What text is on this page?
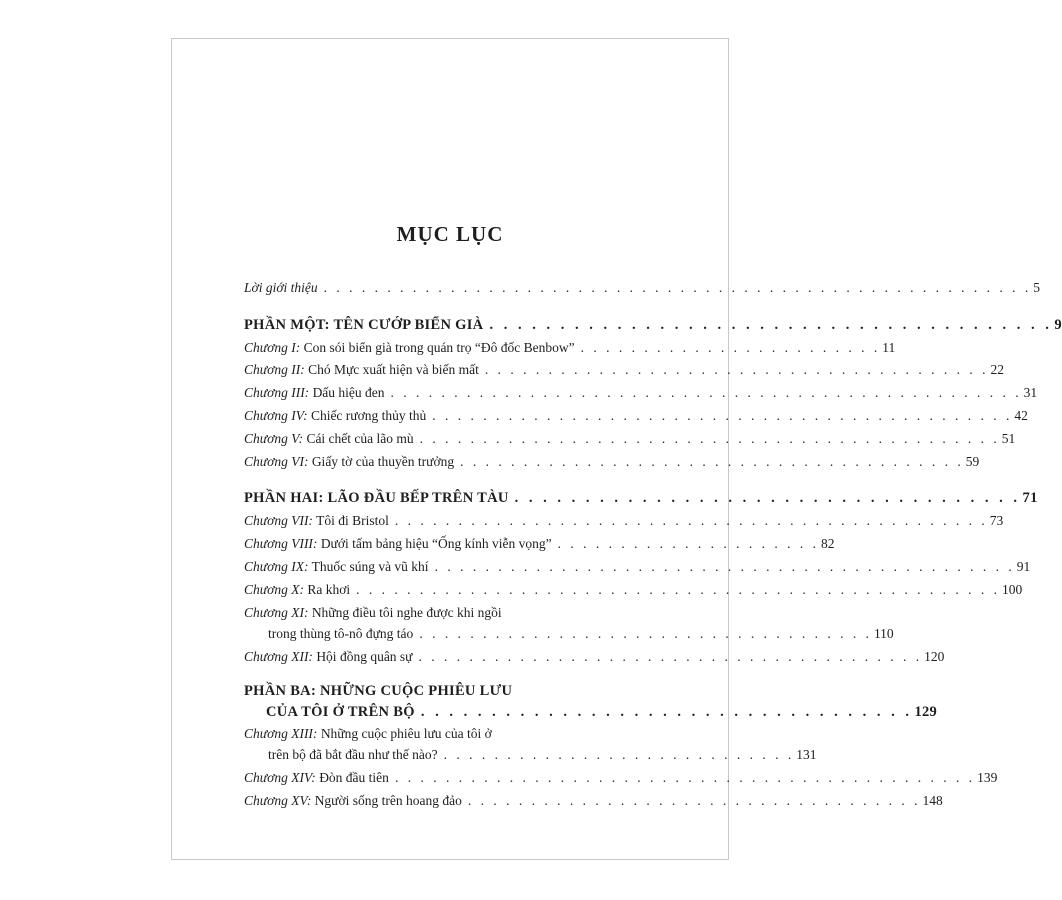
MỤC LỤC
Lời giới thiệu . . . . . . . . . . . . . . . . . . . . . . . . . . . . . . . . . . . . . . . . . . . . . . . . . . . . . . . . 5
PHẦN MỘT: TÊN CƯỚP BIỂN GIÀ . . . . . . . . . . . . . . . . . . . . . . . . . . . . . . . . . . . . . . . . 9
Chương I: Con sói biển già trong quán trọ “Đô đốc Benbow” . . . . . . . . . . . . . . . . . . . . . . . . 11
Chương II: Chó Mực xuất hiện và biến mất . . . . . . . . . . . . . . . . . . . . . . . . . . . . . . . . . . . . . . . . 22
Chương III: Dấu hiệu đen . . . . . . . . . . . . . . . . . . . . . . . . . . . . . . . . . . . . . . . . . . . . . . . . . . 31
Chương IV: Chiếc rương thủy thủ . . . . . . . . . . . . . . . . . . . . . . . . . . . . . . . . . . . . . . . . . . . . . . 42
Chương V: Cái chết của lão mù . . . . . . . . . . . . . . . . . . . . . . . . . . . . . . . . . . . . . . . . . . . . . . 51
Chương VI: Giấy tờ của thuyền trưởng . . . . . . . . . . . . . . . . . . . . . . . . . . . . . . . . . . . . . . . . 59
PHẦN HAI: LÃO ĐẦU BẾP TRÊN TÀU . . . . . . . . . . . . . . . . . . . . . . . . . . . . . . . . . . . . 71
Chương VII: Tôi đi Bristol . . . . . . . . . . . . . . . . . . . . . . . . . . . . . . . . . . . . . . . . . . . . . . . 73
Chương VIII: Dưới tấm bảng hiệu “Ống kính viễn vọng” . . . . . . . . . . . . . . . . . . . . . 82
Chương IX: Thuốc súng và vũ khí . . . . . . . . . . . . . . . . . . . . . . . . . . . . . . . . . . . . . . . . . . . . . . 91
Chương X: Ra khơi . . . . . . . . . . . . . . . . . . . . . . . . . . . . . . . . . . . . . . . . . . . . . . . . . . . 100
Chương XI: Những điều tôi nghe được khi ngồi
trong thùng tô-nô đựng táo . . . . . . . . . . . . . . . . . . . . . . . . . . . . . . . . . . . . 110
Chương XII: Hội đồng quân sự . . . . . . . . . . . . . . . . . . . . . . . . . . . . . . . . . . . . . . . . 120
PHẦN BA: NHỮNG CUỘC PHIÊU LƯU
CỦA TÔI Ở TRÊN BỘ . . . . . . . . . . . . . . . . . . . . . . . . . . . . . . . . . . . 129
Chương XIII: Những cuộc phiêu lưu của tôi ở
trên bộ đã bắt đầu như thế nào? . . . . . . . . . . . . . . . . . . . . . . . . . . . . 131
Chương XIV: Đòn đầu tiên . . . . . . . . . . . . . . . . . . . . . . . . . . . . . . . . . . . . . . . . . . . . . . 139
Chương XV: Người sống trên hoang đảo . . . . . . . . . . . . . . . . . . . . . . . . . . . . . . . . . . . . 148
